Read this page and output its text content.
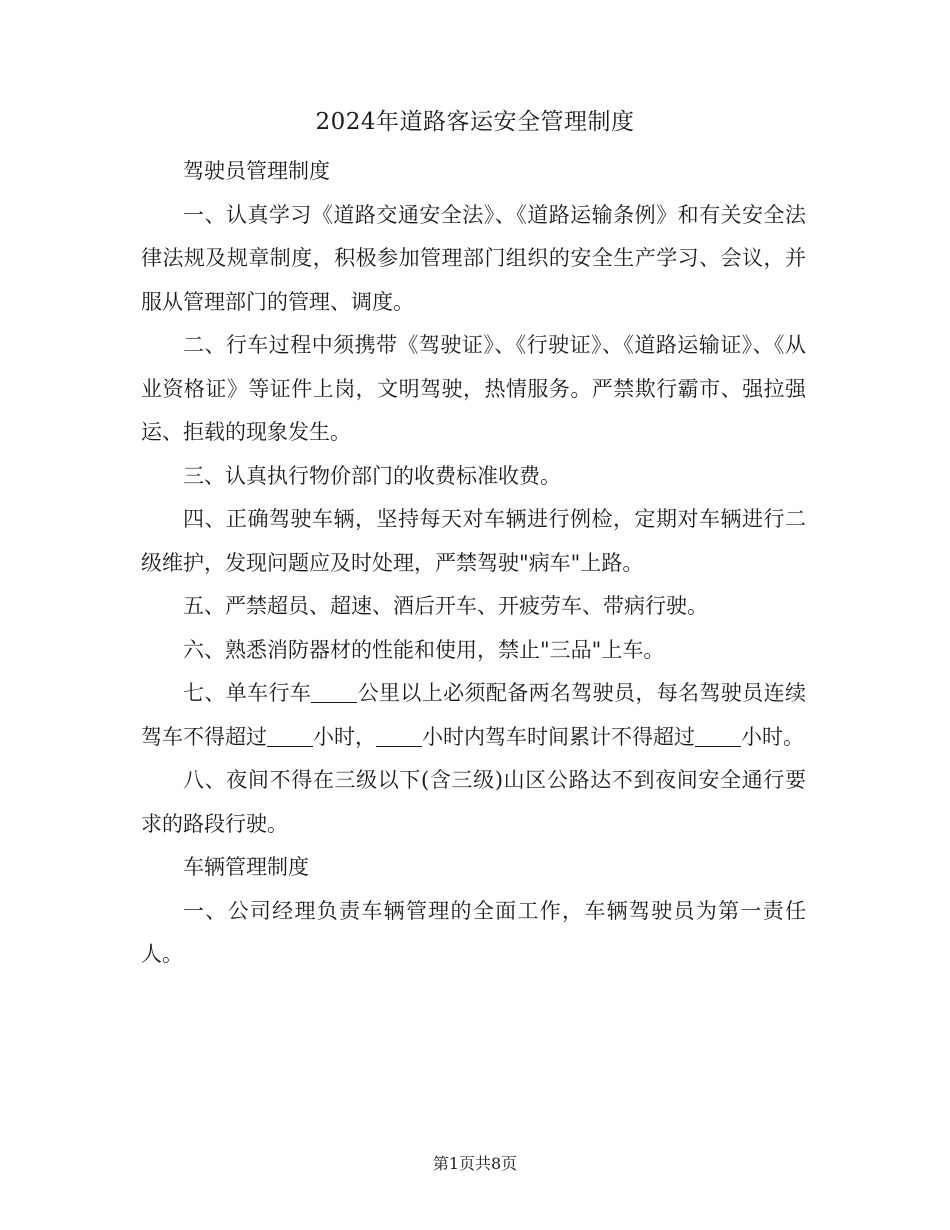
2024年道路客运安全管理制度

驾驶员管理制度

一、认真学习《道路交通安全法》、《道路运输条例》和有关安全法律法规及规章制度，积极参加管理部门组织的安全生产学习、会议，并服从管理部门的管理、调度。

二、行车过程中须携带《驾驶证》、《行驶证》、《道路运输证》、《从业资格证》等证件上岗，文明驾驶，热情服务。严禁欺行霸市、强拉强运、拒载的现象发生。

三、认真执行物价部门的收费标准收费。

四、正确驾驶车辆，坚持每天对车辆进行例检，定期对车辆进行二级维护，发现问题应及时处理，严禁驾驶"病车"上路。

五、严禁超员、超速、酒后开车、开疲劳车、带病行驶。

六、熟悉消防器材的性能和使用，禁止"三品"上车。

七、单车行车 公里以上必须配备两名驾驶员，每名驾驶员连续驾车不得超过 小时， 小时内驾车时间累计不得超过 小时。

八、夜间不得在三级以下(含三级)山区公路达不到夜间安全通行要求的路段行驶。

车辆管理制度

一、公司经理负责车辆管理的全面工作，车辆驾驶员为第一责任人。

第1页共8页
